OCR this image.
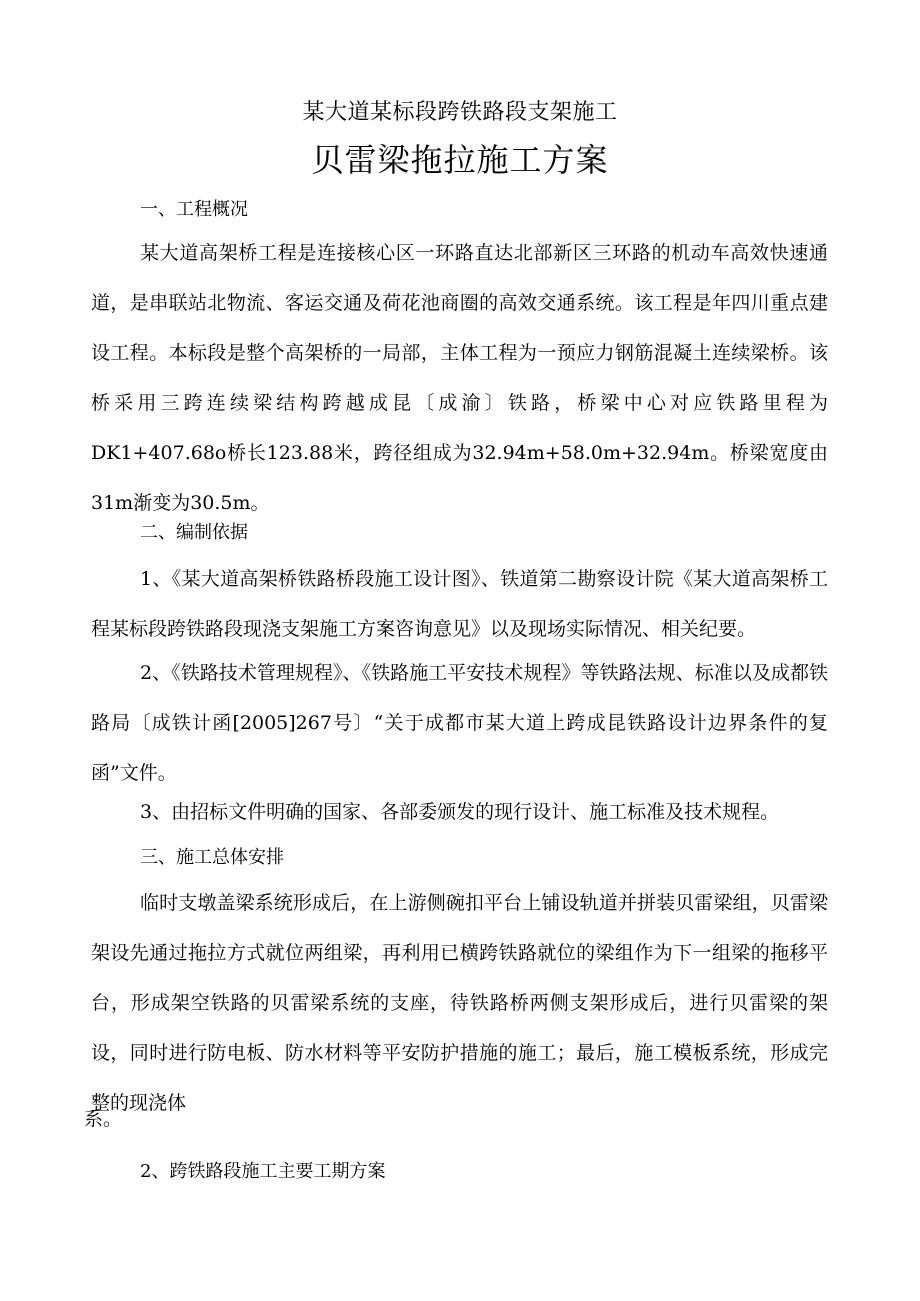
某大道某标段跨铁路段支架施工
贝雷梁拖拉施工方案
一、工程概况
某大道高架桥工程是连接核心区一环路直达北部新区三环路的机动车高效快速通道，是串联站北物流、客运交通及荷花池商圈的高效交通系统。该工程是年四川重点建设工程。本标段是整个高架桥的一局部，主体工程为一预应力钢筋混凝土连续梁桥。该桥采用三跨连续梁结构跨越成昆〔成渝〕铁路，桥梁中心对应铁路里程为DK1+407.68o桥长123.88米，跨径组成为32.94m+58.0m+32.94m。桥梁宽度由31m渐变为30.5m。
二、编制依据
1、《某大道高架桥铁路桥段施工设计图》、铁道第二勘察设计院《某大道高架桥工程某标段跨铁路段现浇支架施工方案咨询意见》以及现场实际情况、相关纪要。
2、《铁路技术管理规程》、《铁路施工平安技术规程》等铁路法规、标准以及成都铁路局〔成铁计函[2005]267号〕“关于成都市某大道上跨成昆铁路设计边界条件的复函”文件。
3、由招标文件明确的国家、各部委颁发的现行设计、施工标准及技术规程。
三、施工总体安排
临时支墩盖梁系统形成后，在上游侧碗扣平台上铺设轨道并拼装贝雷梁组，贝雷梁架设先通过拖拉方式就位两组梁，再利用已横跨铁路就位的梁组作为下一组梁的拖移平台，形成架空铁路的贝雷梁系统的支座，待铁路桥两侧支架形成后，进行贝雷梁的架设，同时进行防电板、防水材料等平安防护措施的施工；最后，施工模板系统，形成完整的现浇体
系。
2、跨铁路段施工主要工期方案
